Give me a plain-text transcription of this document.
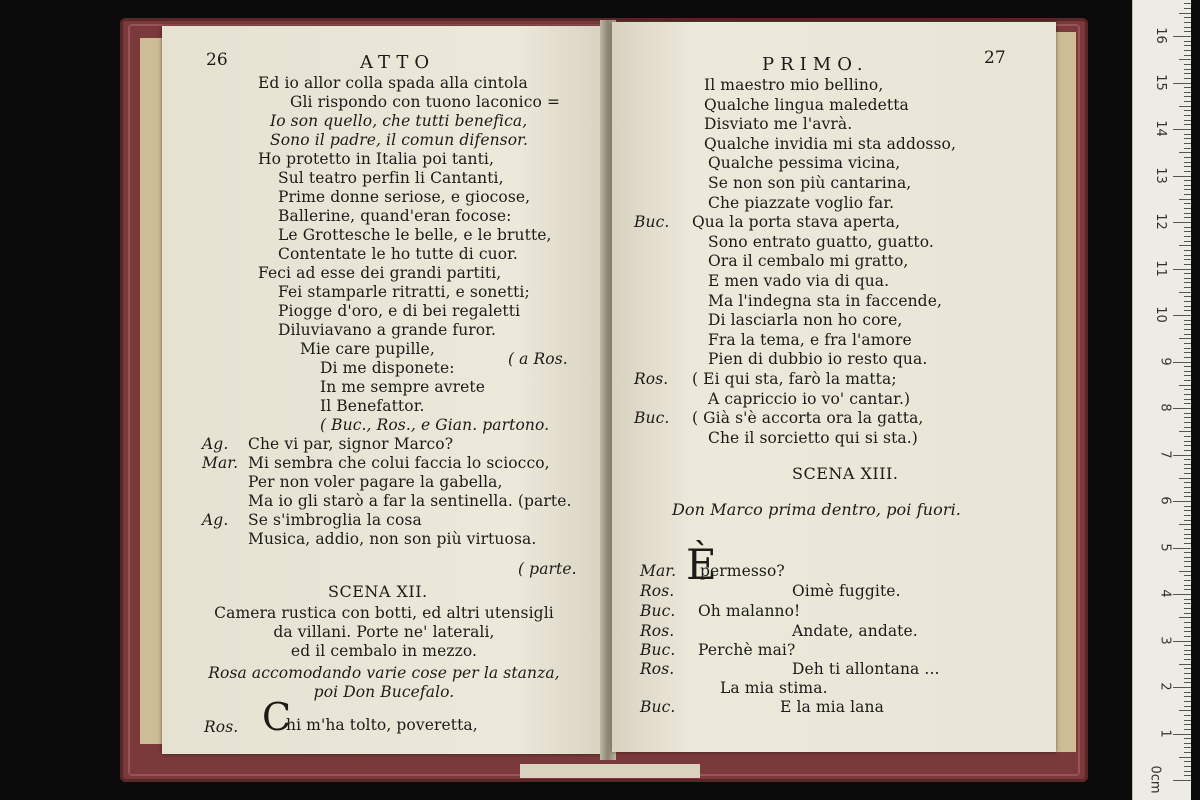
26	ATTO
Ed io allor colla spada alla cintola
Gli rispondo con tuono laconico =
Io son quello, che tutti benefica,
Sono il padre, il comun difensor.
Ho protetto in Italia poi tanti,
Sul teatro perfin li Cantanti,
Prime donne seriose, e giocose,
Ballerine, quand'eran focose:
Le Grottesche le belle, e le brutte,
Contentate le ho tutte di cuor.
Feci ad esse dei grandi partiti,
Fei stamparle ritratti, e sonetti;
Piogge d'oro, e di bei regaletti
Diluviavano a grande furor.
Mie care pupille,
Di me disponete:
In me sempre avrete
Il Benefattor.
( Buc., Ros., e Gian. partono.
Ag. Che vi par, signor Marco?
Mar. Mi sembra che colui faccia lo sciocco,
Per non voler pagare la gabella,
Ma io gli starò a far la sentinella. (parte.
Ag. Se s'imbroglia la cosa
Musica, addio, non son più virtuosa.
( a Ros.
( parte.
SCENA XII.
Camera rustica con botti, ed altri utensigli
da villani. Porte ne' laterali,
ed il cembalo in mezzo.
Rosa accomodando varie cose per la stanza,
poi Don Bucefalo.
Ros. C
hi m'ha tolto, poveretta,
PRIMO.	27
Il maestro mio bellino,
Qualche lingua maledetta
Disviato me l'avrà.
Qualche invidia mi sta addosso,
Qualche pessima vicina,
Se non son più cantarina,
Che piazzate voglio far.
Buc. Qua la porta stava aperta,
Sono entrato guatto, guatto.
Ora il cembalo mi gratto,
E men vado via di qua.
Ma l'indegna sta in faccende,
Di lasciarla non ho core,
Fra la tema, e fra l'amore
Pien di dubbio io resto qua.
Ros. ( Ei qui sta, farò la matta;
A capriccio io vo' cantar.)
Buc. ( Già s'è accorta ora la gatta,
Che il sorcietto qui si sta.)
SCENA XIII.
Don Marco prima dentro, poi fuori.
È
Mar. permesso?
Ros.	Oimè fuggite.
Buc. Oh malanno!
Ros.	Andate, andate.
Buc. Perchè mai?
Ros.	Deh ti allontana ...
La mia stima.
Buc.	E la mia lana
16
15
14
13
12
11
10
9
8
7
6
5
4
3
2
1
0cm
